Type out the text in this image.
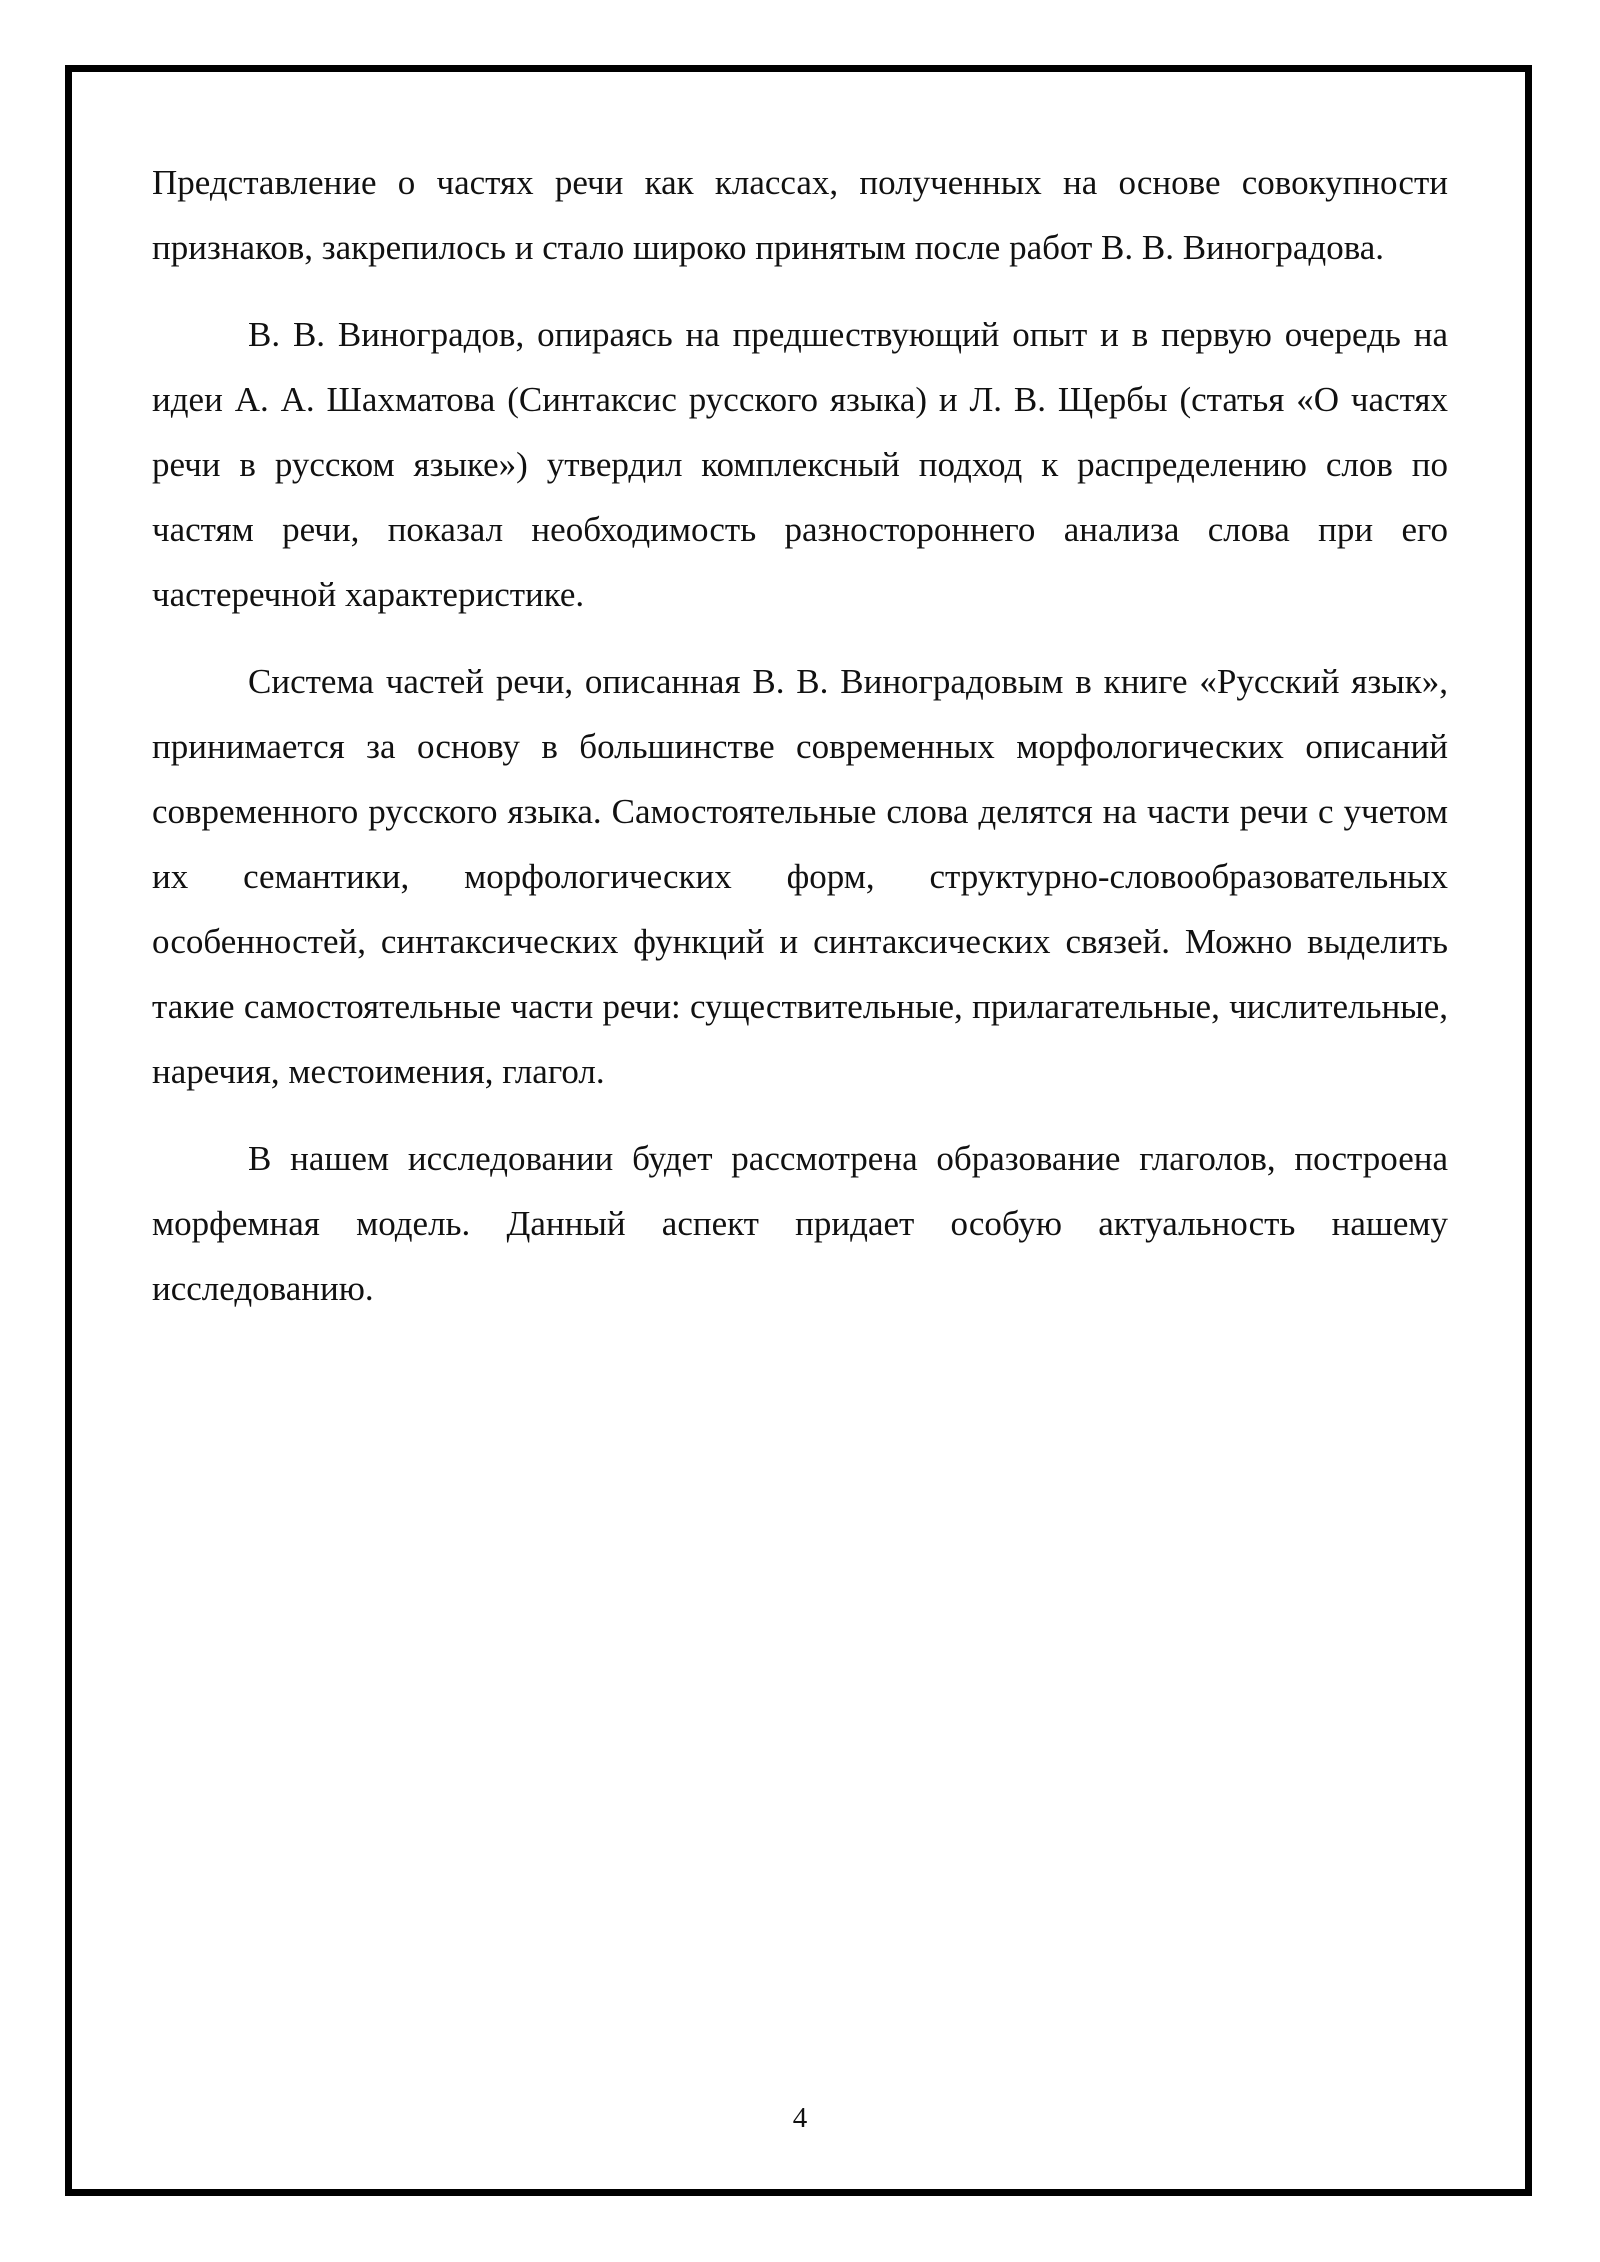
Представление о частях речи как классах, полученных на основе совокупности признаков, закрепилось и стало широко принятым после работ В. В. Виноградова.

В. В. Виноградов, опираясь на предшествующий опыт и в первую очередь на идеи А. А. Шахматова (Синтаксис русского языка) и Л. В. Щербы (статья «О частях речи в русском языке») утвердил комплексный подход к распределению слов по частям речи, показал необходимость разностороннего анализа слова при его частеречной характеристике.

Система частей речи, описанная В. В. Виноградовым в книге «Русский язык», принимается за основу в большинстве современных морфологических описаний современного русского языка. Самостоятельные слова делятся на части речи с учетом их семантики, морфологических форм, структурно-словообразовательных особенностей, синтаксических функций и синтаксических связей. Можно выделить такие самостоятельные части речи: существительные, прилагательные, числительные, наречия, местоимения, глагол.

В нашем исследовании будет рассмотрена образование глаголов, построена морфемная модель. Данный аспект придает особую актуальность нашему исследованию.

4
